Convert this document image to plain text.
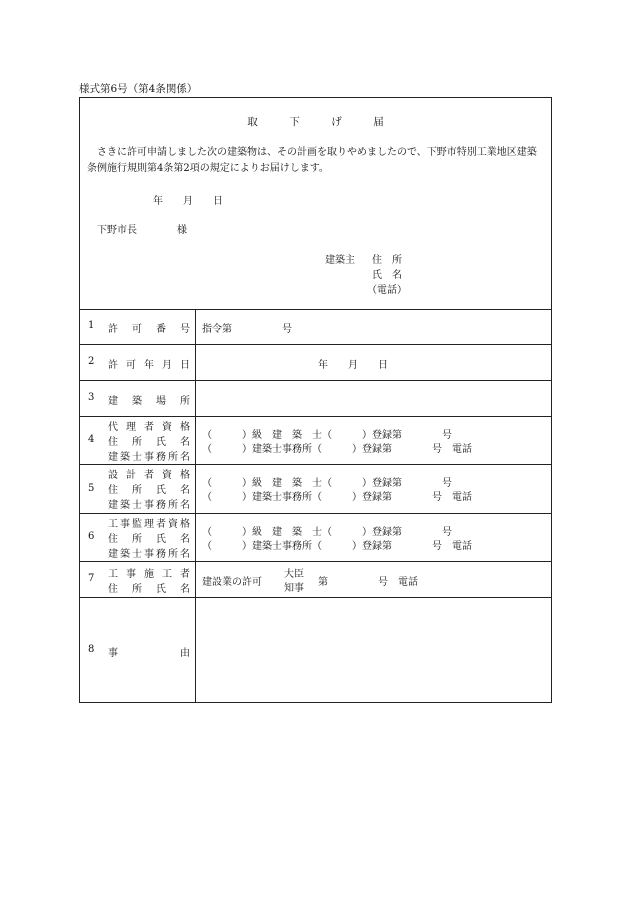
様式第6号（第4条関係）
取　　　下　　　げ　　　届
さきに許可申請しました次の建築物は、その計画を取りやめましたので、下野市特別工業地区建築条例施行規則第4条第2項の規定によりお届けします。
年　　月　　日
下野市長　　　　様
建築主 住　所
氏　名
（電話）
1 許可番号 指令第　　　　　号
2 許可年月日	年　　月　　日
3 建築場所
4
代理者資格
住所氏名
建築士事務所名
（　　　）級　建　築　士（　　　）登録第　　　　号
（　　　）建築士事務所（　　　）登録第　　　　号　電話
5
設計者資格
住所氏名
建築士事務所名
（　　　）級　建　築　士（　　　）登録第　　　　号
（　　　）建築士事務所（　　　）登録第　　　　号　電話
6
工事監理者資格
住所氏名
建築士事務所名
（　　　）級　建　築　士（　　　）登録第　　　　号
（　　　）建築士事務所（　　　）登録第　　　　号　電話
7 工事施工者
住所氏名
建設業の許可
大臣
知事
第　　　　　号　電話
8 事由
